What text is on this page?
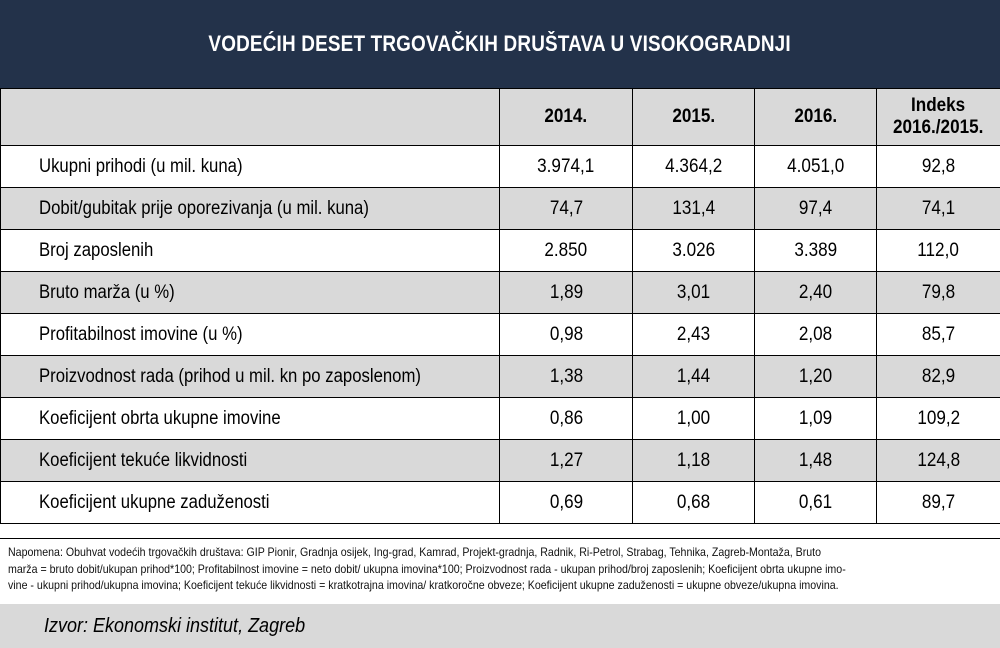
VODEĆIH DESET TRGOVAČKIH DRUŠTAVA U VISOKOGRADNJI
	2014.	2015.	2016.	Indeks
2016./2015.
Ukupni prihodi (u mil. kuna)	3.974,1	4.364,2	4.051,0	92,8
Dobit/gubitak prije oporezivanja (u mil. kuna)	74,7	131,4	97,4	74,1
Broj zaposlenih	2.850	3.026	3.389	112,0
Bruto marža (u %)	1,89	3,01	2,40	79,8
Profitabilnost imovine (u %)	0,98	2,43	2,08	85,7
Proizvodnost rada (prihod u mil. kn po zaposlenom)	1,38	1,44	1,20	82,9
Koeficijent obrta ukupne imovine	0,86	1,00	1,09	109,2
Koeficijent tekuće likvidnosti	1,27	1,18	1,48	124,8
Koeficijent ukupne zaduženosti	0,69	0,68	0,61	89,7
Napomena: Obuhvat vodećih trgovačkih društava: GIP Pionir, Gradnja osijek, Ing-grad, Kamrad, Projekt-gradnja, Radnik, Ri-Petrol, Strabag, Tehnika, Zagreb-Montaža, Bruto
marža = bruto dobit/ukupan prihod*100; Profitabilnost imovine = neto dobit/ ukupna imovina*100; Proizvodnost rada - ukupan prihod/broj zaposlenih; Koeficijent obrta ukupne imo-
vine - ukupni prihod/ukupna imovina; Koeficijent tekuće likvidnosti = kratkotrajna imovina/ kratkoročne obveze; Koeficijent ukupne zaduženosti = ukupne obveze/ukupna imovina.
Izvor: Ekonomski institut, Zagreb
